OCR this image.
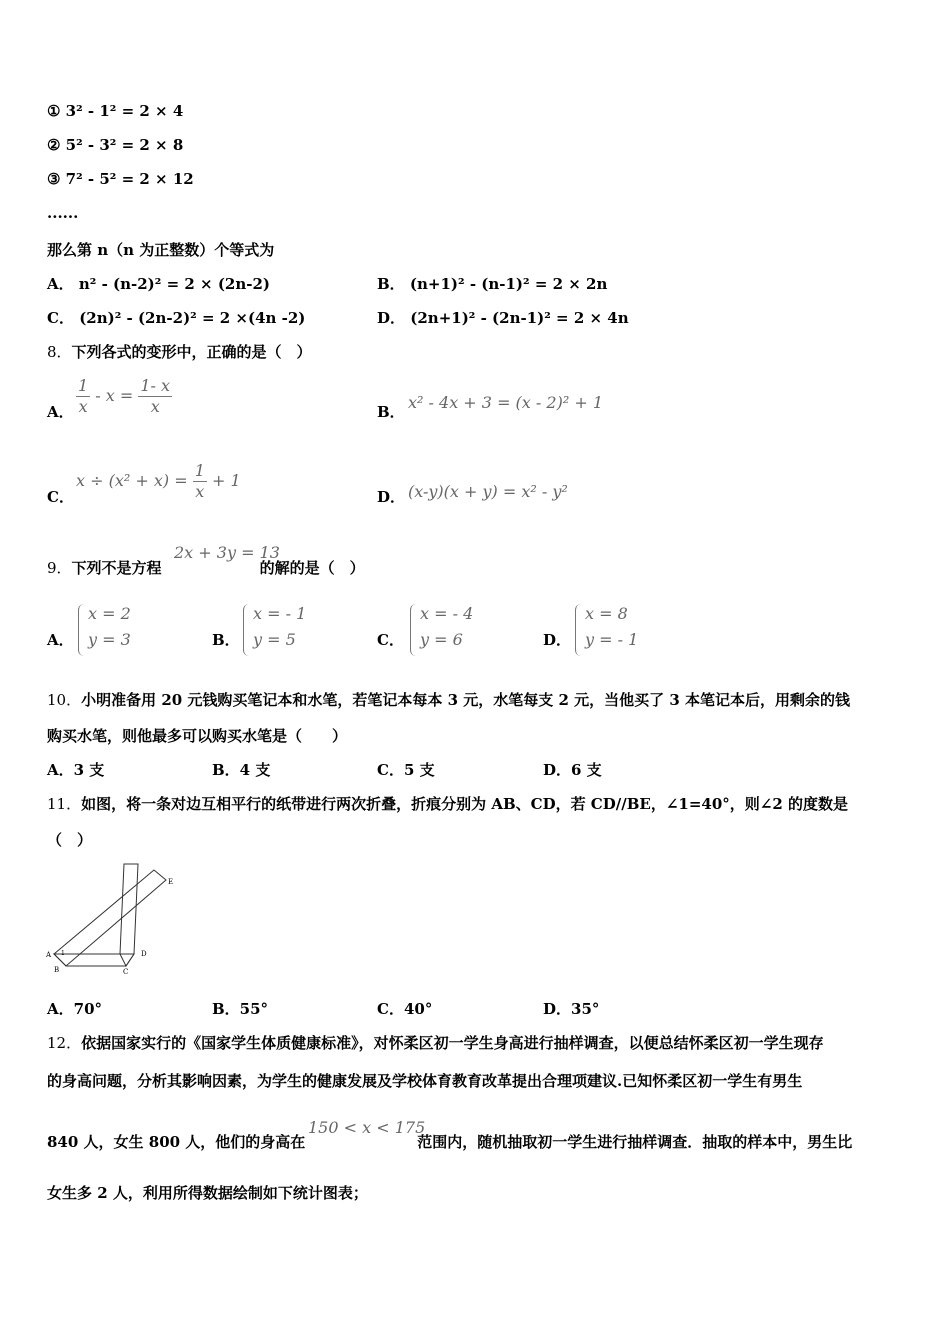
① 3² - 1² = 2 × 4
② 5² - 3² = 2 × 8
③ 7² - 5² = 2 × 12
......
那么第 n（n 为正整数）个等式为
A． n² - (n-2)² = 2 × (2n-2)	B． (n+1)² - (n-1)² = 2 × 2n
C． (2n)² - (2n-2)² = 2 ×(4n -2)	D． (2n+1)² - (2n-1)² = 2 × 4n
8．下列各式的变形中，正确的是（　）
A． $\frac{1}{x} - x = \frac{1- x}{x}$	B． x² - 4x + 3 = (x - 2)² + 1
C．
$x \div (x^2 + x) = \frac{1}{x} + 1$
D． (x-y)(x + y) = x² - y²
9．下列不是方程	的解的是（　）
2x + 3y = 13
A．
x = 2
y = 3	B．
x = - 1
y = 5	C．
x = - 4
y = 6	D．
x = 8
y = - 1
10．小明准备用 20 元钱购买笔记本和水笔，若笔记本每本 3 元，水笔每支 2 元，当他买了 3 本笔记本后，用剩余的钱
购买水笔，则他最多可以购买水笔是（　　）
A．3 支	B．4 支	C．5 支	D．6 支
11．如图，将一条对边互相平行的纸带进行两次折叠，折痕分别为 AB、CD，若 CD//BE，∠1=40°，则∠2 的度数是
（　）
A 1
B	C
D
E
A．70°	B．55°	C．40°	D．35°
12．依据国家实行的《国家学生体质健康标准》，对怀柔区初一学生身高进行抽样调查，以便总结怀柔区初一学生现存
的身高问题，分析其影响因素，为学生的健康发展及学校体育教育改革提出合理项建议.已知怀柔区初一学生有男生
840 人，女生 800 人，他们的身高在	范围内，随机抽取初一学生进行抽样调查．抽取的样本中，男生比
150 < x < 175
女生多 2 人，利用所得数据绘制如下统计图表；
